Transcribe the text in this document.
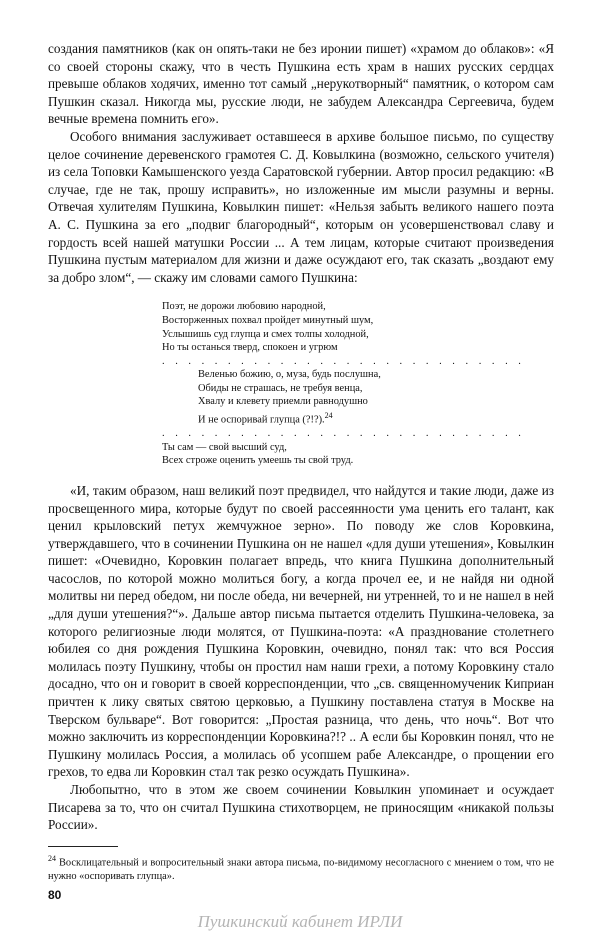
создания памятников (как он опять-таки не без иронии пишет) «храмом до облаков»: «Я со своей стороны скажу, что в честь Пушкина есть храм в наших русских сердцах превыше облаков ходячих, именно тот самый „нерукотворный“ памятник, о котором сам Пушкин сказал. Никогда мы, русские люди, не забудем Александра Сергеевича, будем вечные времена помнить его».

Особого внимания заслуживает оставшееся в архиве большое письмо, по существу целое сочинение деревенского грамотея С. Д. Ковылкина (возможно, сельского учителя) из села Топовки Камышенского уезда Саратовской губернии. Автор просил редакцию: «В случае, где не так, прошу исправить», но изложенные им мысли разумны и верны. Отвечая хулителям Пушкина, Ковылкин пишет: «Нельзя забыть великого нашего поэта А. С. Пушкина за его „подвиг благородный“, которым он усовершенствовал славу и гордость всей нашей матушки России ... А тем лицам, которые считают произведения Пушкина пустым материалом для жизни и даже осуждают его, так сказать „воздают ему за добро злом“, — скажу им словами самого Пушкина:

Поэт, не дорожи любовию народной,
Восторженных похвал пройдет минутный шум,
Услышишь суд глупца и смех толпы холодной,
Но ты останься тверд, спокоен и угрюм
. . . . . . . . . . . . . . . . . . . . . . . . . . . .
Веленью божию, о, муза, будь послушна,
Обиды не страшась, не требуя венца,
Хвалу и клевету приемли равнодушно
И не оспоривай глупца (?!?).$^{24}$
. . . . . . . . . . . . . . . . . . . . . . . . . . . .
Ты сам — свой высший суд,
Всех строже оценить умеешь ты свой труд.

«И, таким образом, наш великий поэт предвидел, что найдутся и такие люди, даже из просвещенного мира, которые будут по своей рассеянности ума ценить его талант, как ценил крыловский петух жемчужное зерно». По поводу же слов Коровкина, утверждавшего, что в сочинении Пушкина он не нашел «для души утешения», Ковылкин пишет: «Очевидно, Коровкин полагает впредь, что книга Пушкина дополнительный часослов, по которой можно молиться богу, а когда прочел ее, и не найдя ни одной молитвы ни перед обедом, ни после обеда, ни вечерней, ни утренней, то и не нашел в ней „для души утешения?“». Дальше автор письма пытается отделить Пушкина-человека, за которого религиозные люди молятся, от Пушкина-поэта: «А празднование столетнего юбилея со дня рождения Пушкина Коровкин, очевидно, понял так: что вся Россия молилась поэту Пушкину, чтобы он простил нам наши грехи, а потому Коровкину стало досадно, что он и говорит в своей корреспонденции, что „св. священномученик Киприан причтен к лику святых святою церковью, а Пушкину поставлена статуя в Москве на Тверском бульваре“. Вот говорится: „Простая разница, что день, что ночь“. Вот что можно заключить из корреспонденции Коровкина?!? .. А если бы Коровкин понял, что не Пушкину молилась Россия, а молилась об усопшем рабе Александре, о прощении его грехов, то едва ли Коровкин стал так резко осуждать Пушкина».

Любопытно, что в этом же своем сочинении Ковылкин упоминает и осуждает Писарева за то, что он считал Пушкина стихотворцем, не приносящим «никакой пользы России».

$^{24}$ Восклицательный и вопросительный знаки автора письма, по-видимому несогласного с мнением о том, что не нужно «оспоривать глупца».
80
Пушкинский кабинет ИРЛИ
